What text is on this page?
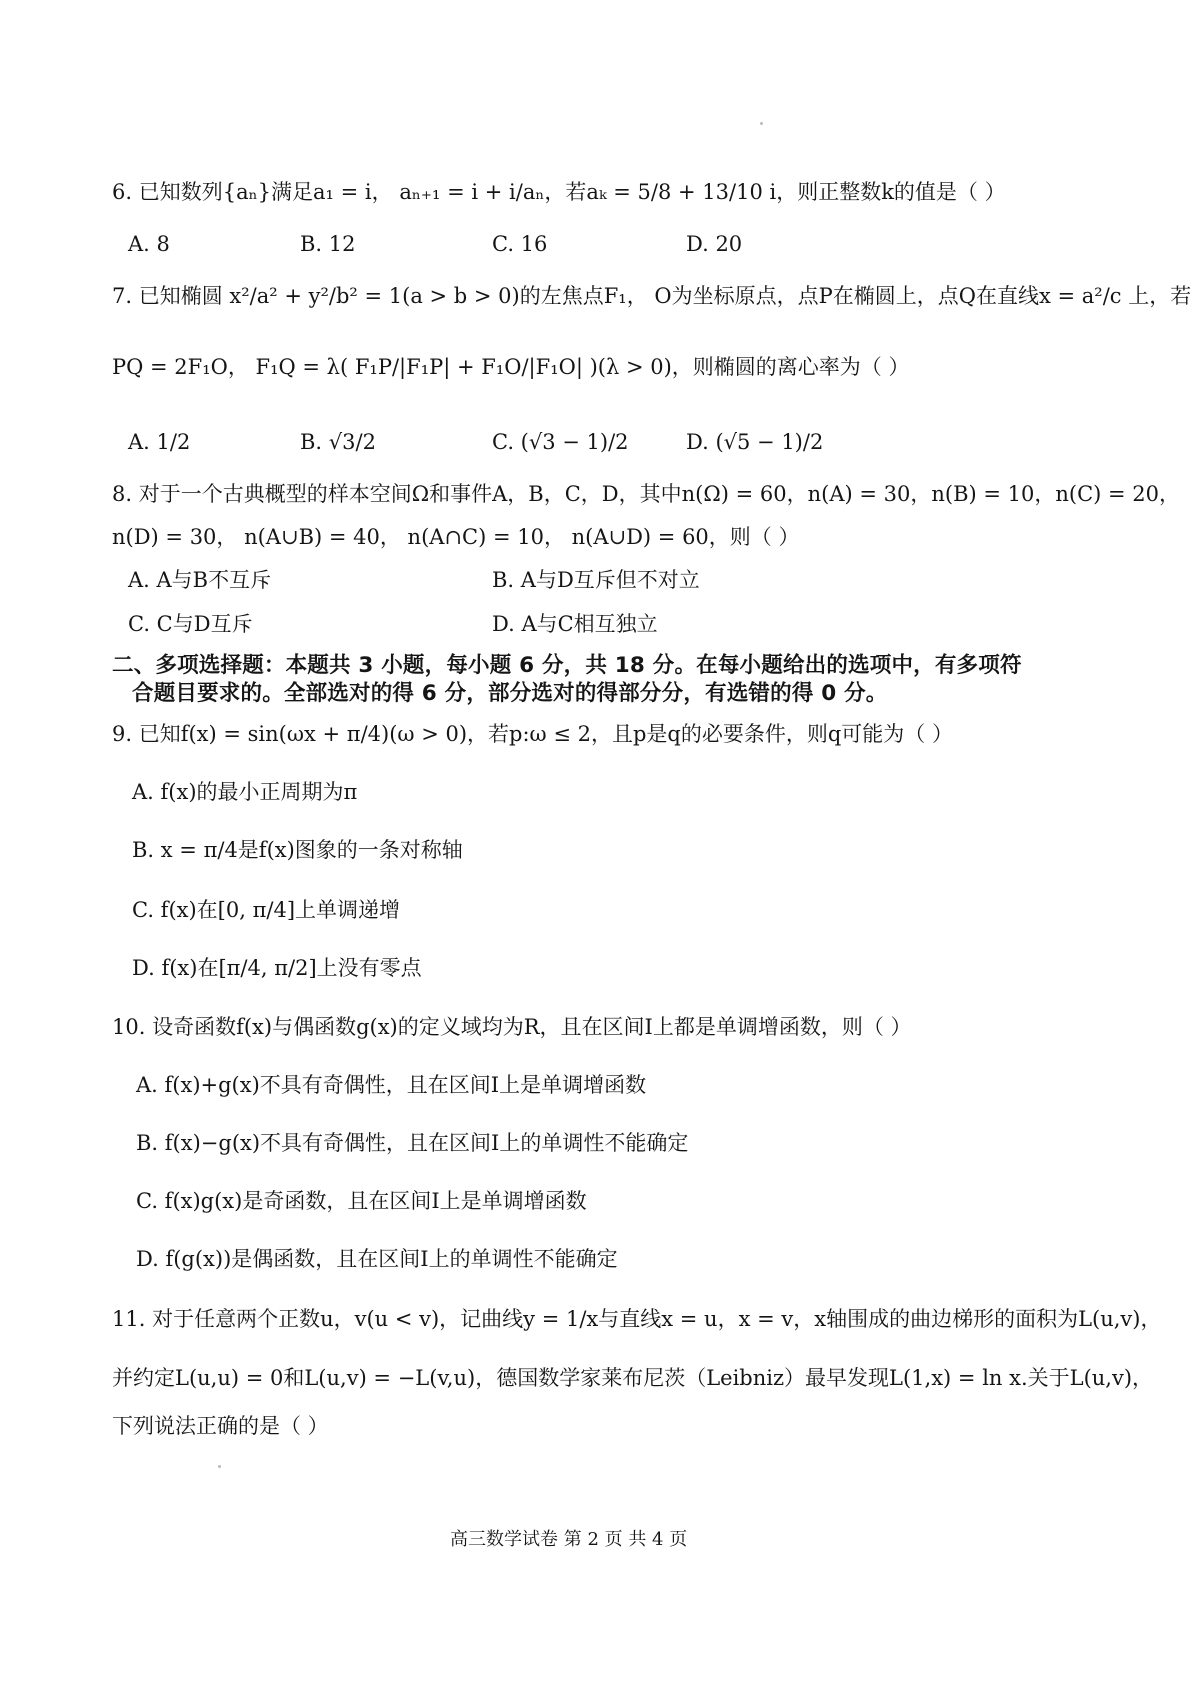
6. 已知数列{aₙ}满足a₁ = i， aₙ₊₁ = i + i/aₙ，若aₖ = 5/8 + 13/10 i，则正整数k的值是（ ）
A. 8	B. 12	C. 16	D. 20
7. 已知椭圆 x²/a² + y²/b² = 1(a > b > 0)的左焦点F₁， O为坐标原点，点P在椭圆上，点Q在直线x = a²/c 上，若
PQ = 2F₁O， F₁Q = λ( F₁P/|F₁P| + F₁O/|F₁O| )(λ > 0)，则椭圆的离心率为（ ）
A. 1/2	B. √3/2	C. (√3 − 1)/2	D. (√5 − 1)/2
8. 对于一个古典概型的样本空间Ω和事件A，B，C，D，其中n(Ω) = 60，n(A) = 30，n(B) = 10，n(C) = 20，
n(D) = 30， n(A∪B) = 40， n(A∩C) = 10， n(A∪D) = 60，则（ ）
A. A与B不互斥	B. A与D互斥但不对立
C. C与D互斥	D. A与C相互独立
二、多项选择题：本题共 3 小题，每小题 6 分，共 18 分。在每小题给出的选项中，有多项符
合题目要求的。全部选对的得 6 分，部分选对的得部分分，有选错的得 0 分。
9. 已知f(x) = sin(ωx + π/4)(ω > 0)，若p:ω ≤ 2，且p是q的必要条件，则q可能为（ ）
A. f(x)的最小正周期为π
B. x = π/4是f(x)图象的一条对称轴
C. f(x)在[0, π/4]上单调递增
D. f(x)在[π/4, π/2]上没有零点
10. 设奇函数f(x)与偶函数g(x)的定义域均为R，且在区间I上都是单调增函数，则（ ）
A. f(x)+g(x)不具有奇偶性，且在区间I上是单调增函数
B. f(x)−g(x)不具有奇偶性，且在区间I上的单调性不能确定
C. f(x)g(x)是奇函数，且在区间I上是单调增函数
D. f(g(x))是偶函数，且在区间I上的单调性不能确定
11. 对于任意两个正数u，v(u < v)，记曲线y = 1/x与直线x = u，x = v，x轴围成的曲边梯形的面积为L(u,v)，
并约定L(u,u) = 0和L(u,v) = −L(v,u)，德国数学家莱布尼茨（Leibniz）最早发现L(1,x) = ln x.关于L(u,v)，
下列说法正确的是（ ）
高三数学试卷 第 2 页 共 4 页
